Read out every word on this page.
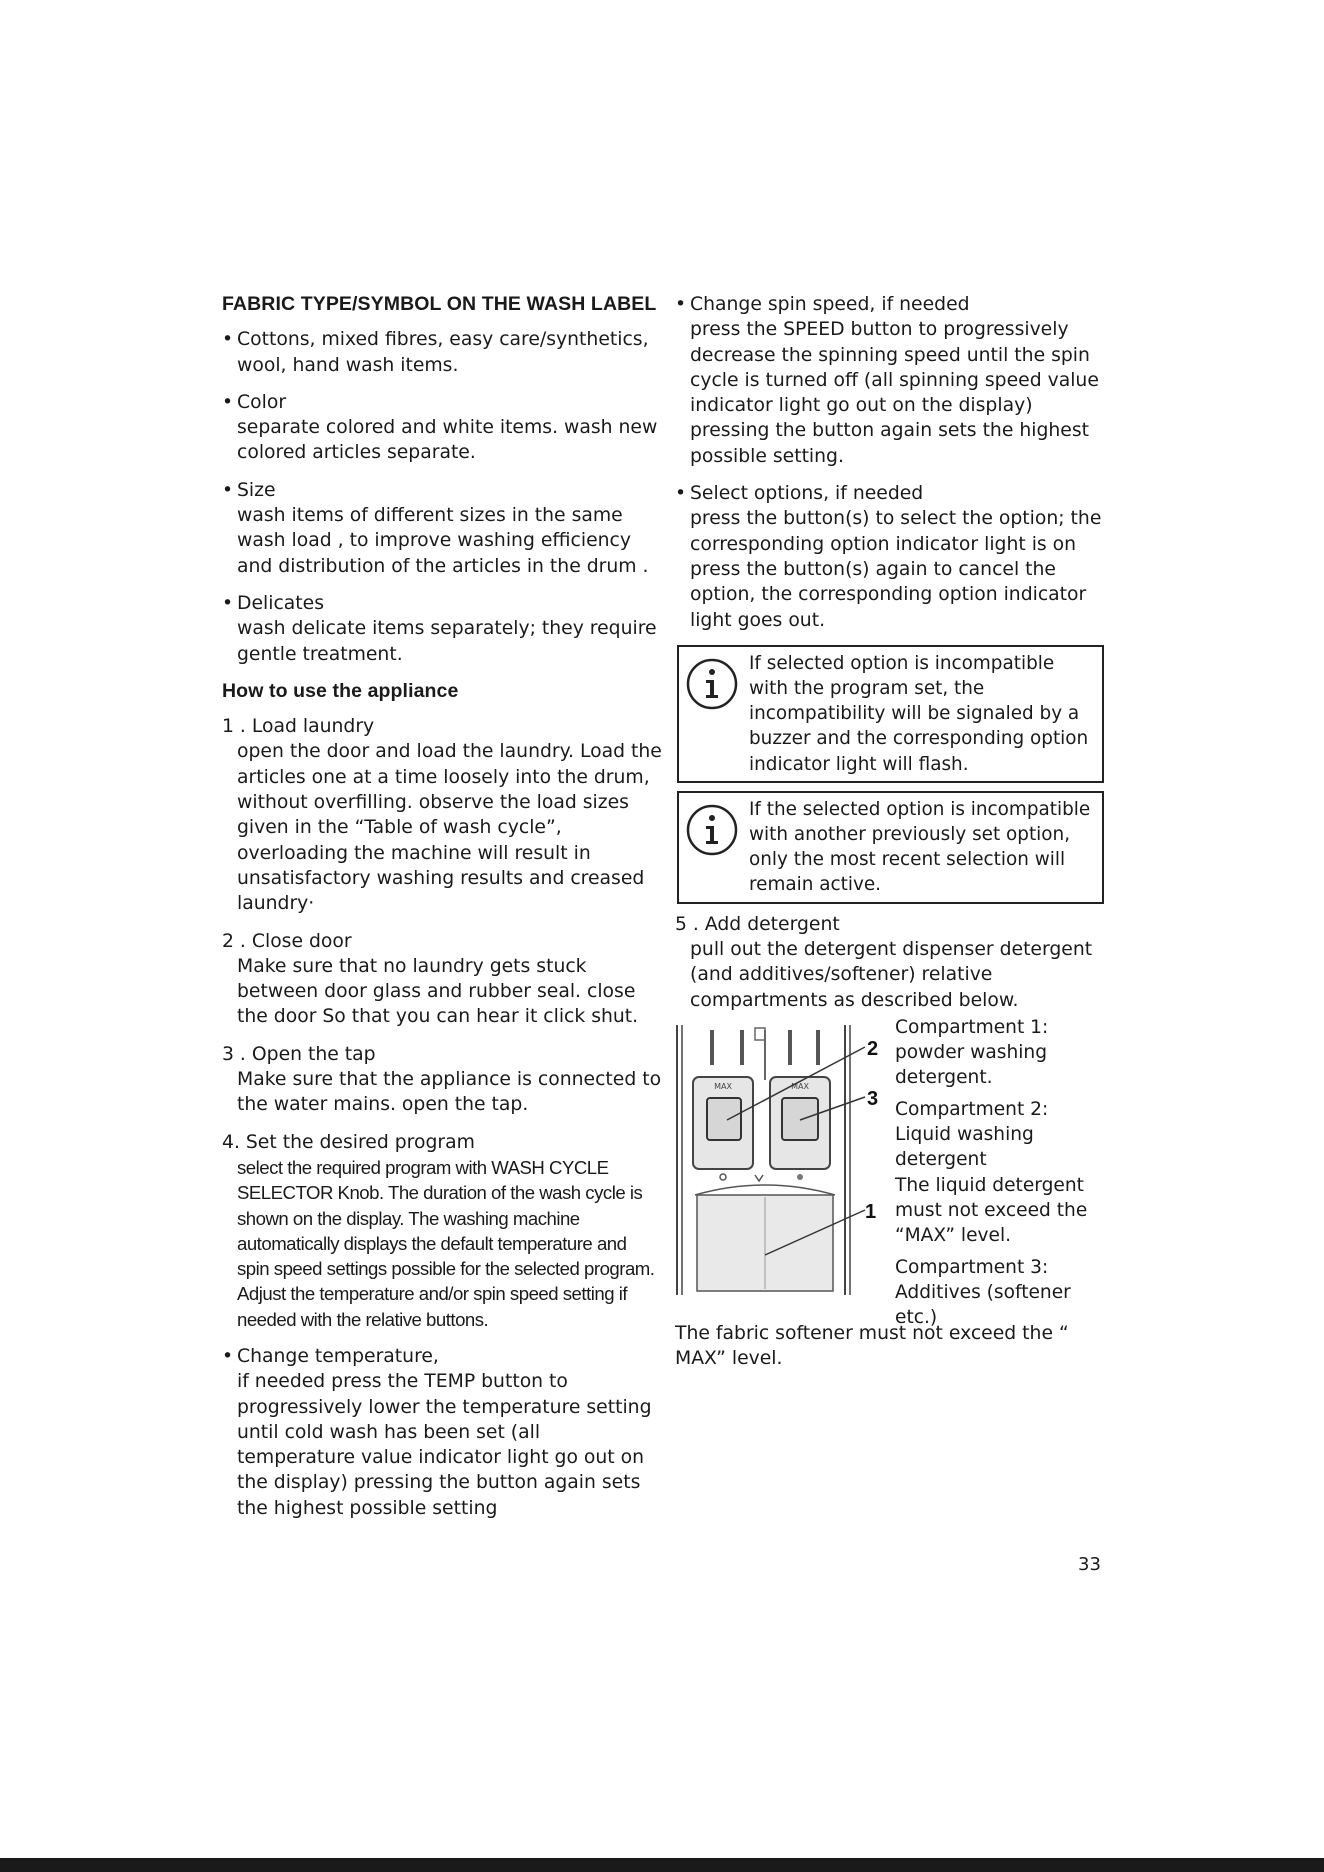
FABRIC TYPE/SYMBOL ON THE WASH LABEL
• Cottons, mixed fibres, easy care/synthetics, wool, hand wash items.
• Color
separate colored and white items. wash new colored articles separate.
• Size
wash items of different sizes in the same wash load , to improve washing efficiency and distribution of the articles in the drum .
• Delicates
wash delicate items separately; they require gentle treatment.
How to use the appliance
1 . Load laundry
open the door and load the laundry. Load the articles one at a time loosely into the drum, without overfilling. observe the load sizes given in the “Table of wash cycle”, overloading the machine will result in unsatisfactory washing results and creased laundry·
2 . Close door
Make sure that no laundry gets stuck between door glass and rubber seal. close the door So that you can hear it click shut.
3 . Open the tap
Make sure that the appliance is connected to the water mains. open the tap.
4. Set the desired program
select the required program with WASH CYCLE SELECTOR Knob. The duration of the wash cycle is shown on the display. The washing machine automatically displays the default temperature and spin speed settings possible for the selected program. Adjust the temperature and/or spin speed setting if needed with the relative buttons.
• Change temperature,
if needed press the TEMP button to progressively lower the temperature setting until cold wash has been set (all temperature value indicator light go out on the display) pressing the button again sets the highest possible setting
• Change spin speed, if needed
press the SPEED button to progressively decrease the spinning speed until the spin cycle is turned off (all spinning speed value indicator light go out on the display) pressing the button again sets the highest possible setting.
• Select options, if needed
press the button(s) to select the option; the corresponding option indicator light is on press the button(s) again to cancel the option, the corresponding option indicator light goes out.

If selected option is incompatible with the program set, the incompatibility will be signaled by a buzzer and the corresponding option indicator light will flash.

If the selected option is incompatible with another previously set option, only the most recent selection will remain active.

5 . Add detergent
pull out the detergent dispenser detergent (and additives/softener) relative compartments as described below.
MAX	MAX
2
3
1

Compartment 1:
powder washing detergent.

Compartment 2:
Liquid washing detergent
The liquid detergent must not exceed the “MAX” level.

Compartment 3:
Additives (softener etc.)

The fabric softener must not exceed the “ MAX” level.

33
